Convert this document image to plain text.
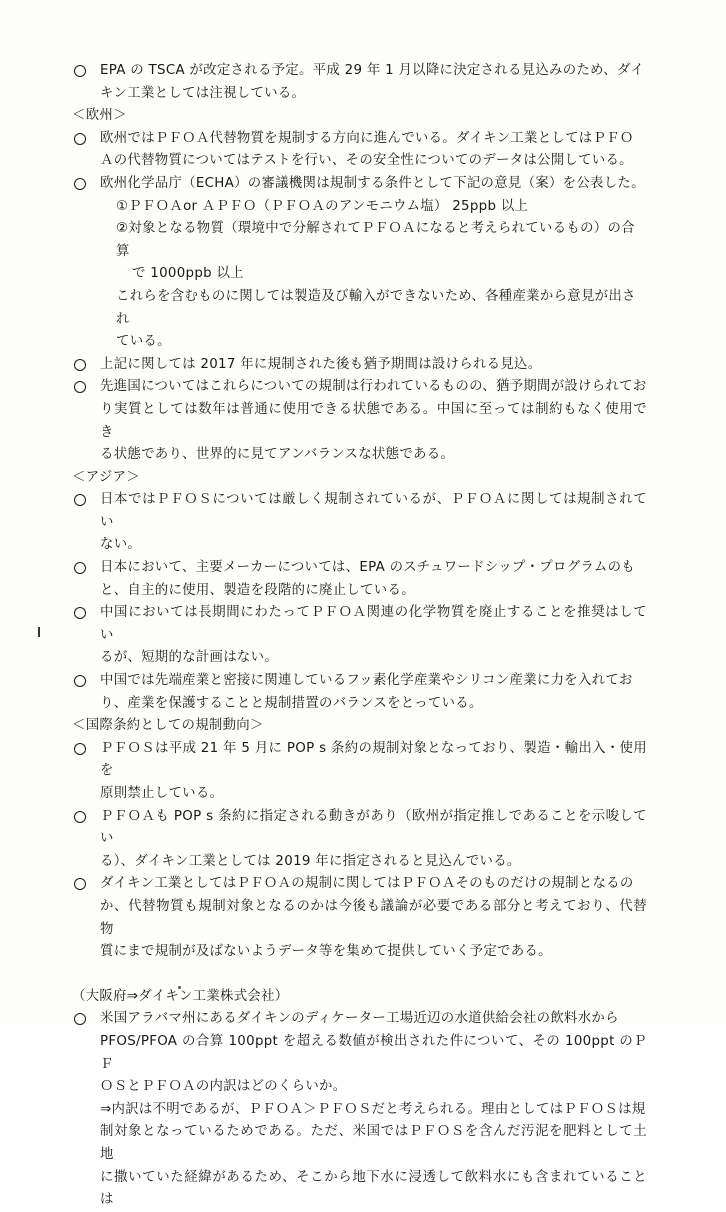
EPA の TSCA が改定される予定。平成 29 年 1 月以降に決定される見込みのため、ダイ

キン工業としては注視している。

＜欧州＞

欧州ではＰＦＯＡ代替物質を規制する方向に進んでいる。ダイキン工業としてはＰＦＯ

Ａの代替物質についてはテストを行い、その安全性についてのデータは公開している。

欧州化学品庁（ECHA）の審議機関は規制する条件として下記の意見（案）を公表した。

①ＰＦＯＡor ＡＰＦＯ（ＰＦＯＡのアンモニウム塩） 25ppb 以上

②対象となる物質（環境中で分解されてＰＦＯＡになると考えられているもの）の合算

で 1000ppb 以上

これらを含むものに関しては製造及び輸入ができないため、各種産業から意見が出され

ている。

上記に関しては 2017 年に規制された後も猶予期間は設けられる見込。

先進国についてはこれらについての規制は行われているものの、猶予期間が設けられてお

り実質としては数年は普通に使用できる状態である。中国に至っては制約もなく使用でき

る状態であり、世界的に見てアンバランスな状態である。

＜アジア＞

日本ではＰＦＯＳについては厳しく規制されているが、ＰＦＯＡに関しては規制されてい

ない。

日本において、主要メーカーについては、EPA のスチュワードシップ・プログラムのも

と、自主的に使用、製造を段階的に廃止している。

中国においては長期間にわたってＰＦＯＡ関連の化学物質を廃止することを推奨はしてい

るが、短期的な計画はない。

中国では先端産業と密接に関連しているフッ素化学産業やシリコン産業に力を入れてお

り、産業を保護することと規制措置のバランスをとっている。

＜国際条約としての規制動向＞

ＰＦＯＳは平成 21 年 5 月に POP s 条約の規制対象となっており、製造・輸出入・使用を

原則禁止している。

ＰＦＯＡも POP s 条約に指定される動きがあり（欧州が指定推しであることを示唆してい

る）、ダイキン工業としては 2019 年に指定されると見込んでいる。

ダイキン工業としてはＰＦＯＡの規制に関してはＰＦＯＡそのものだけの規制となるの

か、代替物質も規制対象となるのかは今後も議論が必要である部分と考えており、代替物

質にまで規制が及ばないようデータ等を集めて提供していく予定である。

（大阪府⇒ダイキン工業株式会社）

米国アラバマ州にあるダイキンのディケーター工場近辺の水道供給会社の飲料水から

PFOS/PFOA の合算 100ppt を超える数値が検出された件について、その 100ppt のＰＦ

ＯＳとＰＦＯＡの内訳はどのくらいか。

⇒内訳は不明であるが、ＰＦＯＡ＞ＰＦＯＳだと考えられる。理由としてはＰＦＯＳは規

制対象となっているためである。ただ、米国ではＰＦＯＳを含んだ汚泥を肥料として土地

に撒いていた経緯があるため、そこから地下水に浸透して飲料水にも含まれていることは
